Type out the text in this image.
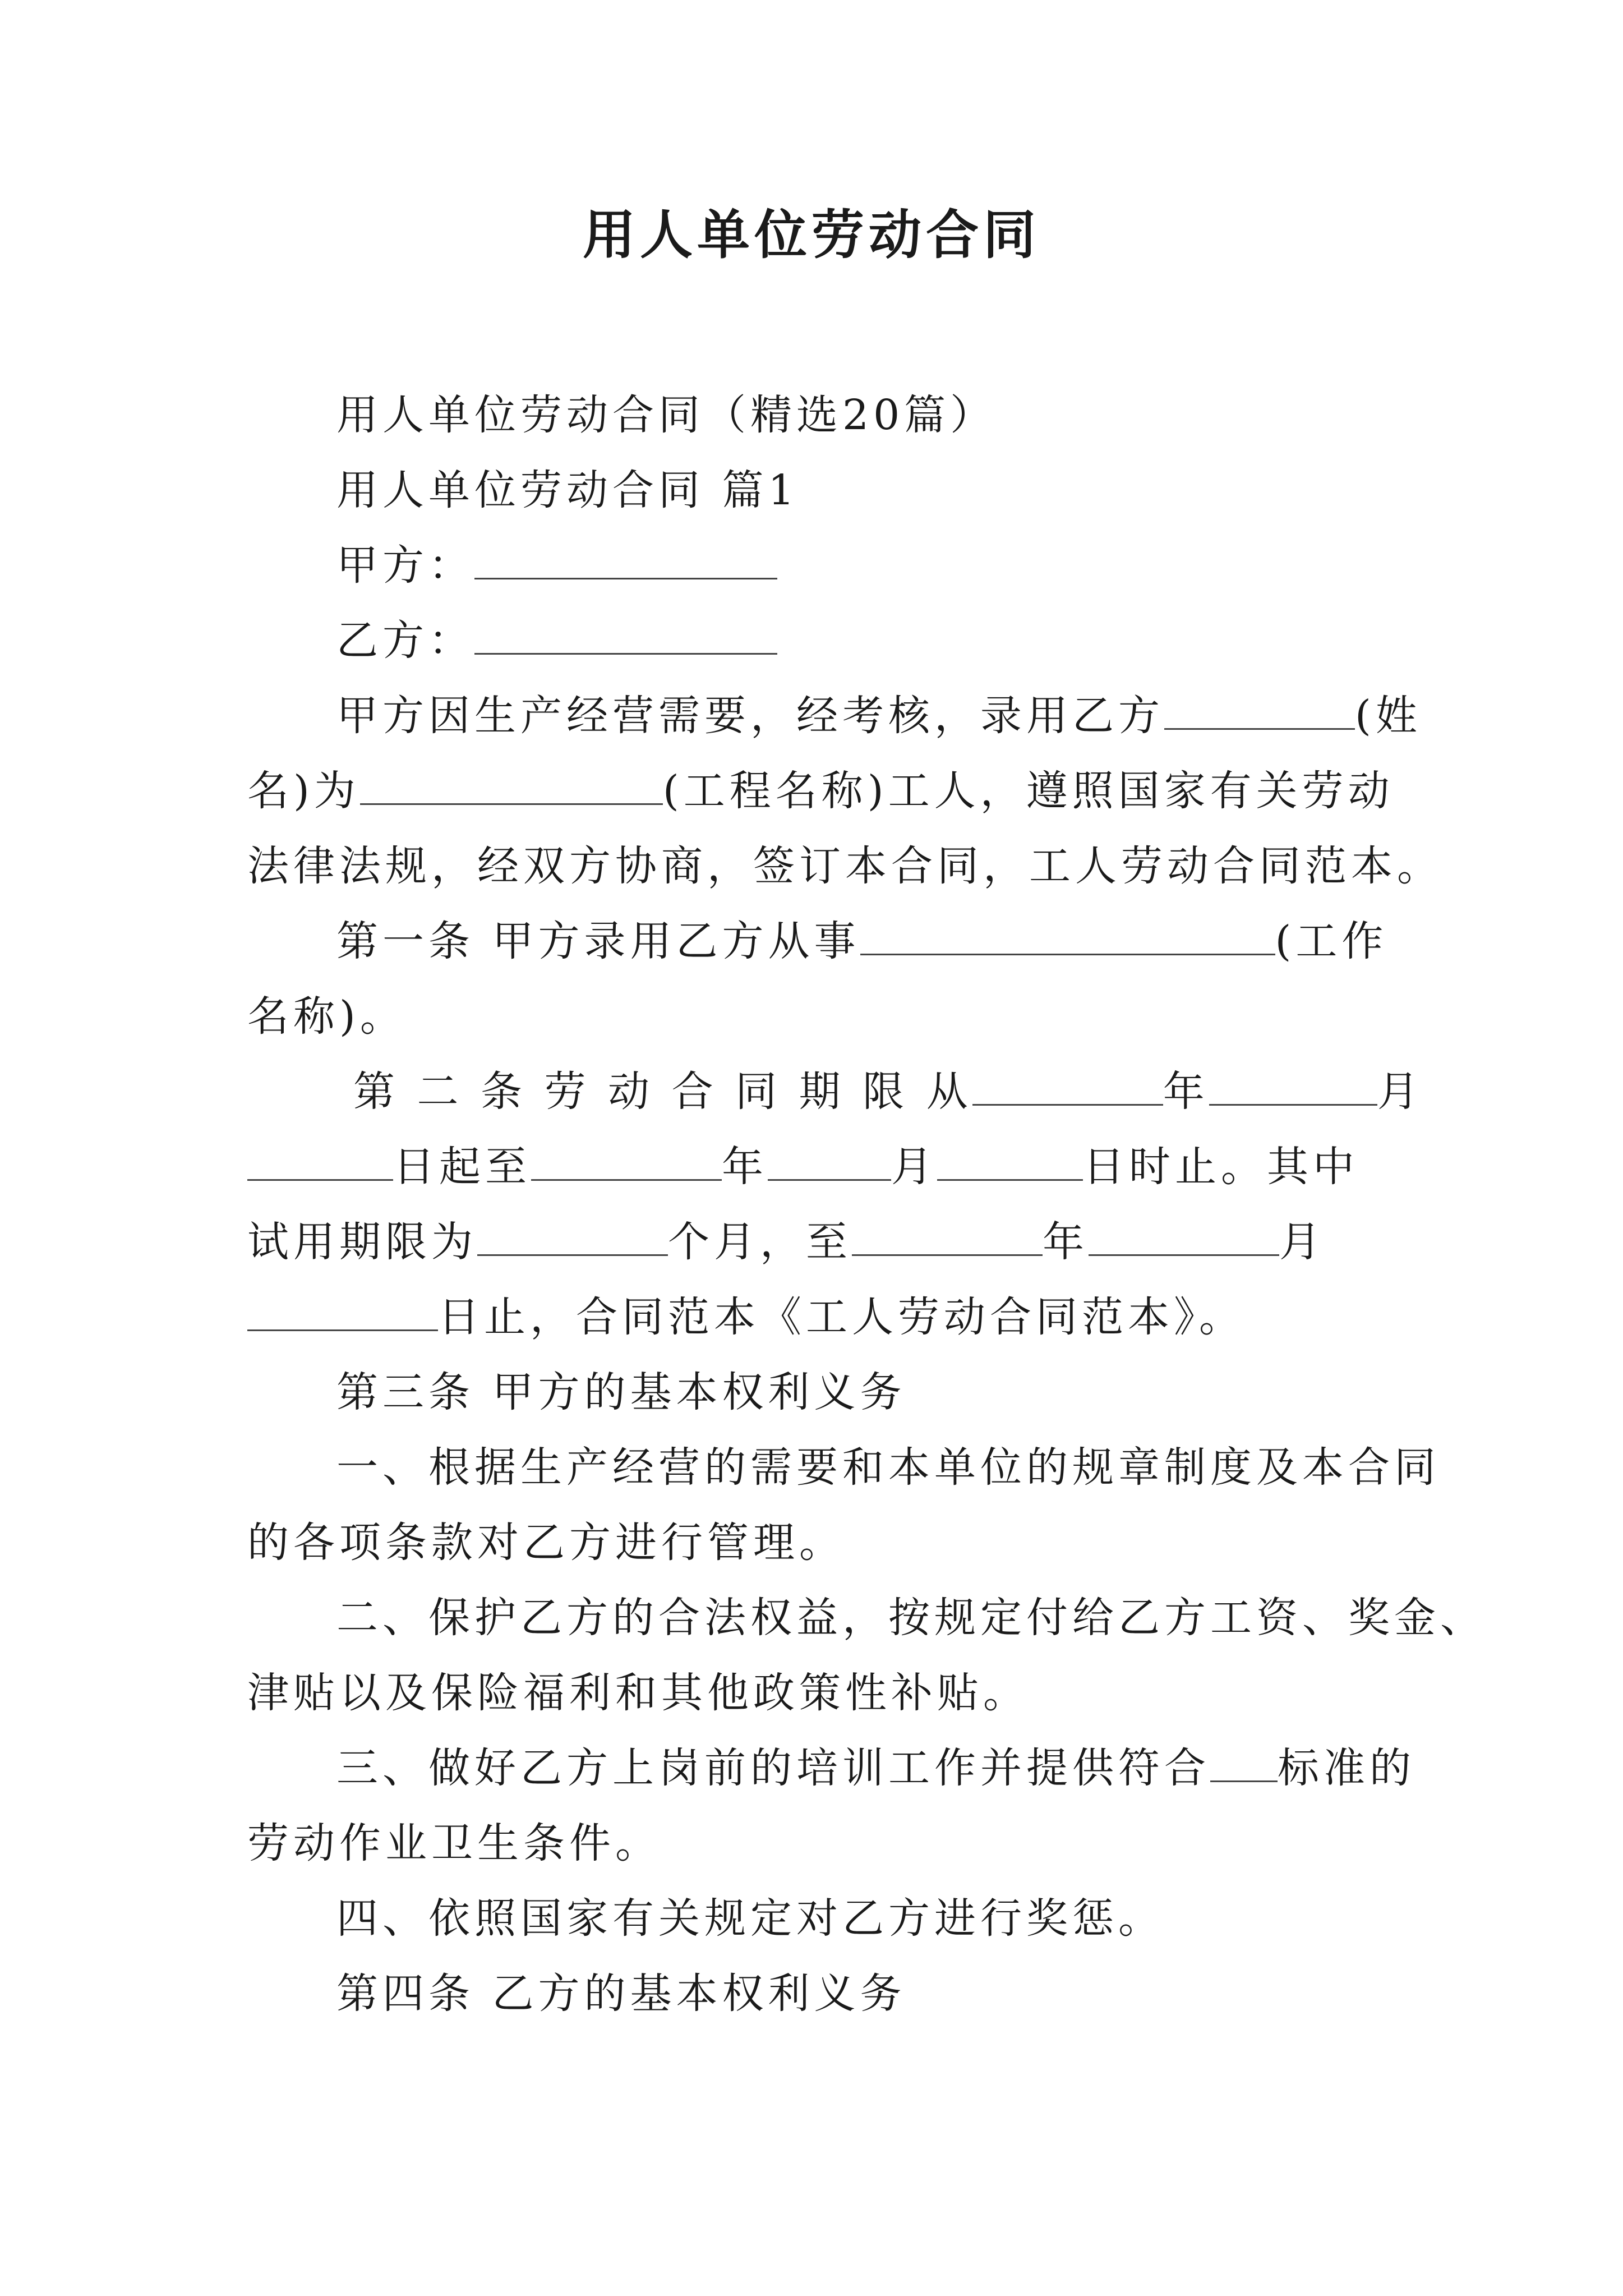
用人单位劳动合同
用人单位劳动合同（精选20篇）
用人单位劳动合同 篇1
甲方：
乙方：
甲方因生产经营需要，经考核，录用乙方	(姓
名)为	(工程名称)工人，遵照国家有关劳动
法律法规，经双方协商，签订本合同，工人劳动合同范本。
第一条 甲方录用乙方从事	(工作
名称)。
第 二 条 劳 动 合 同 期 限 从	年	月
日起至	年	月	日时止。其中
试用期限为	个月，至	年	月
日止，合同范本《工人劳动合同范本》。
第三条 甲方的基本权利义务
一、根据生产经营的需要和本单位的规章制度及本合同
的各项条款对乙方进行管理。
二、保护乙方的合法权益，按规定付给乙方工资、奖金、
津贴以及保险福利和其他政策性补贴。
三、做好乙方上岗前的培训工作并提供符合 标准的
劳动作业卫生条件。
四、依照国家有关规定对乙方进行奖惩。
第四条 乙方的基本权利义务
